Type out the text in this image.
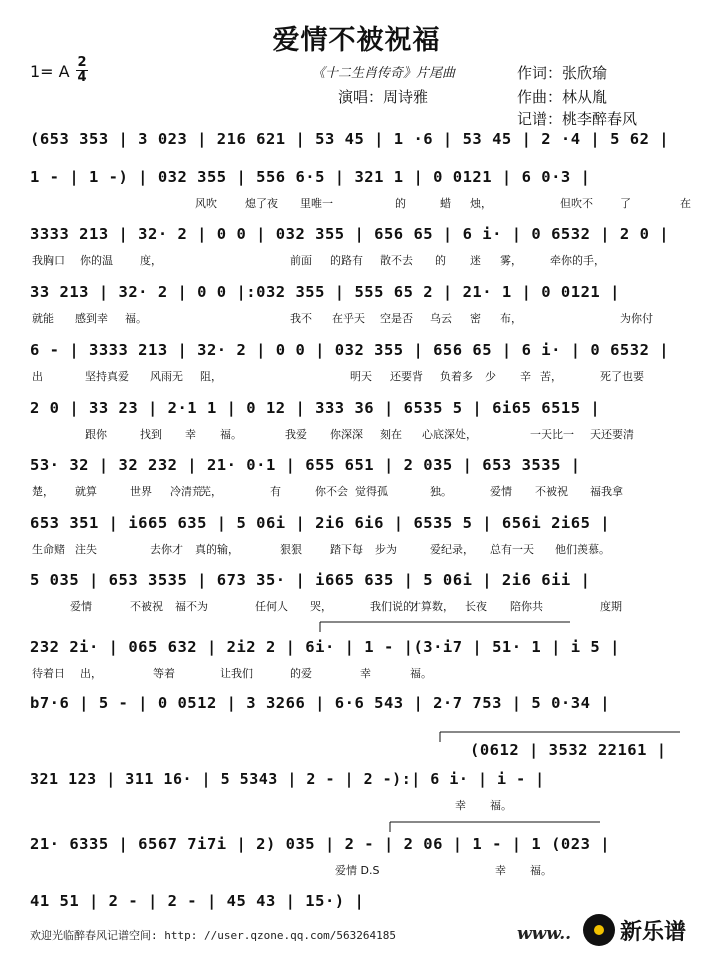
爱情不被祝福
1= A 2
4	《十二生肖传奇》片尾曲
演唱：周诗雅
作词：张欣瑜
作曲：林从胤
记谱：桃李醉春风
(653 353 | 3 023 | 216 621 | 53 45 | 1 ·6 | 53 45 | 2 ·4 | 5 62 |
1 - | 1 -) | 032 355 | 556 6·5 | 321 1 | 0 0121 | 6 0·3 |
风吹	熄了夜 里唯一	的	蜡 烛，	但吹不 了	在
3333 213 | 32· 2 | 0 0 | 032 355 | 656 65 | 6 i· | 0 6532 | 2 0 |
我胸口 你的温 度，	前面 的路有 散不去 的 迷 雾，	牵你的手，
33 213 | 32· 2 | 0 0 |:032 355 | 555 65 2 | 21· 1 | 0 0121 |
就能 感到幸 福。	我不 在乎天 空是否 乌云 密 布，	为你付
6 - | 3333 213 | 32· 2 | 0 0 | 032 355 | 656 65 | 6 i· | 0 6532 |
出	坚持真爱 风雨无 阻，	明天 还要背 负着多 少 辛 苦，	死了也要
2 0 | 33 23 | 2·1 1 | 0 12 | 333 36 | 6535 5 | 6i65 6515 |
跟你	找到 幸 福。	我爱 你深深 刻在 心底深处，	一天比一 天还要清
53· 32 | 32 232 | 21· 0·1 | 655 651 | 2 035 | 653 3535 |
楚， 就算	世界 冷清荒
芜，	有	你不会 觉得孤	独。	爱情 不被祝 福我拿
653 351 | i665 635 | 5 06i | 2i6 6i6 | 6535 5 | 656i 2i65 |
生命赌 注失	去你才 真的输，	狠狠	踏下每 步为	爱纪录， 总有一天 他们羡慕。
5 035 | 653 3535 | 673 35· | i665 635 | 5 06i | 2i6 6ii |
爱情	不被祝 福不为	任何人 哭，	我们说的
才算数， 长夜 陪你共	度期
232 2i· | 065 632 | 2i2 2 | 6i· | 1 - |(3·i7 | 51· 1 | i 5 |
待着日 出，	等着	让我们	的爱	幸	福。
b7·6 | 5 - | 0 0512 | 3 3266 | 6·6 543 | 2·7 753 | 5 0·34 |
(0612 | 3532 22161 |
321 123 | 311 16· | 5 5343 | 2 - | 2 -):| 6 i· | i - |
幸 福。
21· 6335 | 6567 7i7i | 2) 035 | 2 - | 2 06 | 1 - | 1 (023 |
爱情 D.S	幸 福。
41 51 | 2 - | 2 - | 45 43 | 15·) |
欢迎光临醉春风记谱空间: http: //user.qzone.qq.com/563264185	www.. 新乐谱
